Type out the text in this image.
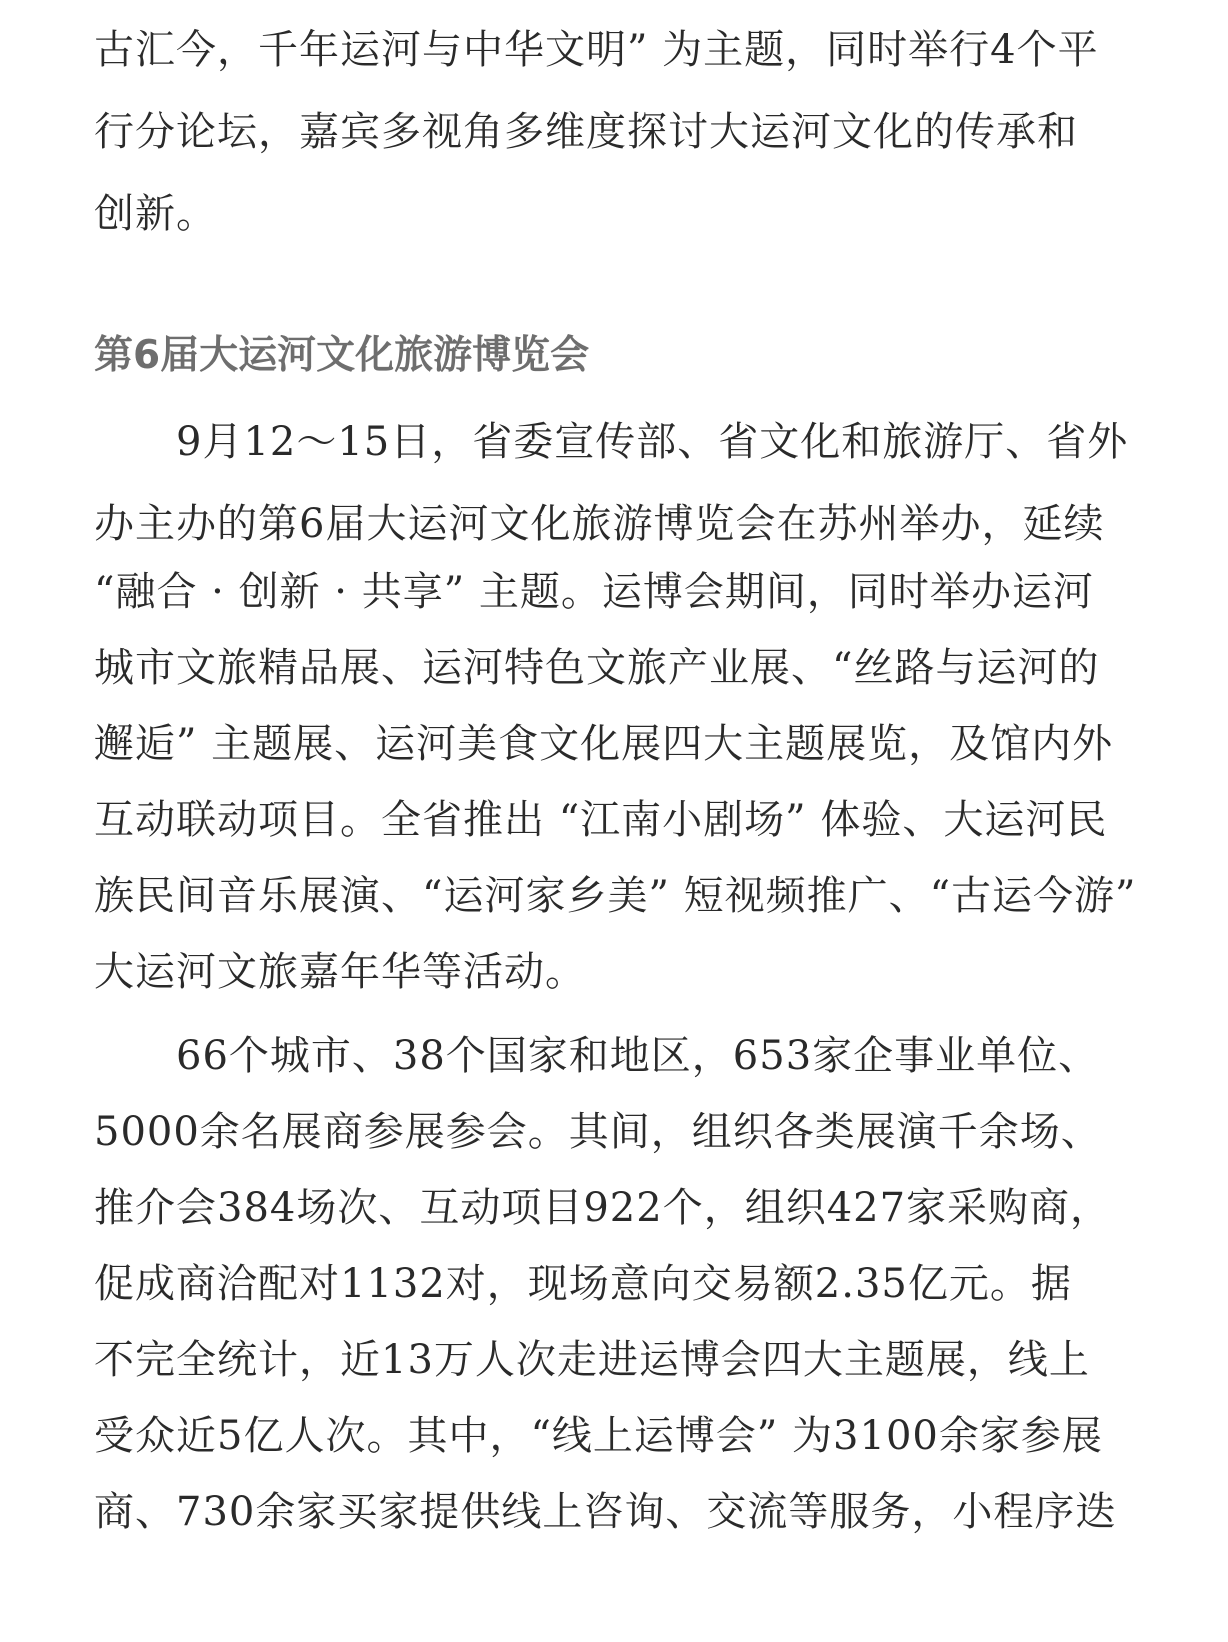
古汇今，千年运河与中华文明” 为主题，同时举行4个平
行分论坛，嘉宾多视角多维度探讨大运河文化的传承和
创新。
第6届大运河文化旅游博览会
9月12～15日，省委宣传部、省文化和旅游厅、省外
办主办的第6届大运河文化旅游博览会在苏州举办，延续
“融合 · 创新 · 共享” 主题。运博会期间，同时举办运河
城市文旅精品展、运河特色文旅产业展、“丝路与运河的
邂逅” 主题展、运河美食文化展四大主题展览，及馆内外
互动联动项目。全省推出 “江南小剧场” 体验、大运河民
族民间音乐展演、“运河家乡美” 短视频推广、“古运今游”
大运河文旅嘉年华等活动。
66个城市、38个国家和地区，653家企事业单位、
5000余名展商参展参会。其间，组织各类展演千余场、
推介会384场次、互动项目922个，组织427家采购商，
促成商洽配对1132对，现场意向交易额2.35亿元。据
不完全统计，近13万人次走进运博会四大主题展，线上
受众近5亿人次。其中，“线上运博会” 为3100余家参展
商、730余家买家提供线上咨询、交流等服务，小程序迭
